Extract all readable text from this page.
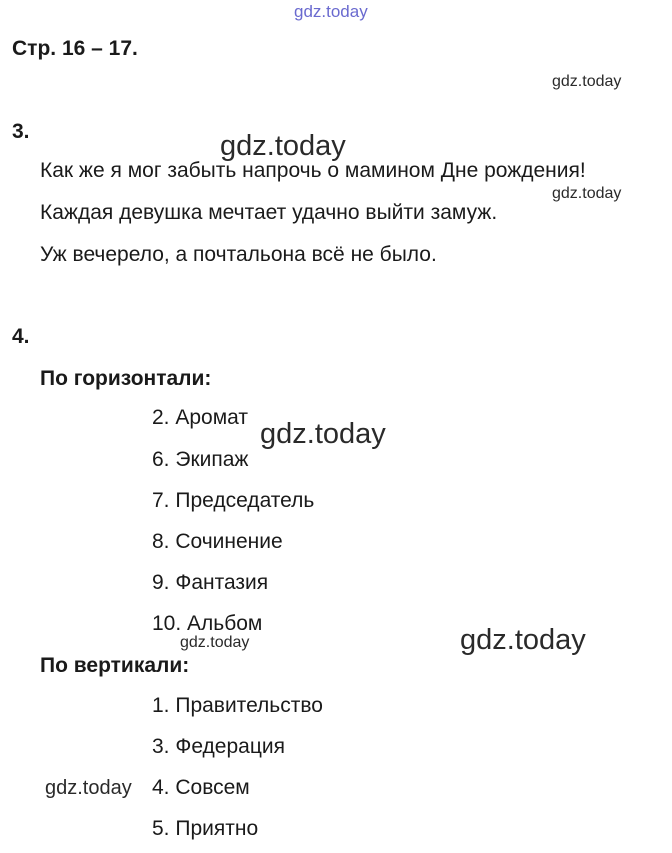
gdz.today
Стр. 16 – 17.
gdz.today
gdz.today
gdz.today
gdz.today
gdz.today	gdz.today
gdz.today
3.
Как же я мог забыть напрочь о мамином Дне рождения!
Каждая девушка мечтает удачно выйти замуж.
Уж вечерело, а почтальона всё не было.
4.
По горизонтали:
2. Аромат
6. Экипаж
7. Председатель
8. Сочинение
9. Фантазия
10. Альбом
По вертикали:
1. Правительство
3. Федерация
4. Совсем
5. Приятно
